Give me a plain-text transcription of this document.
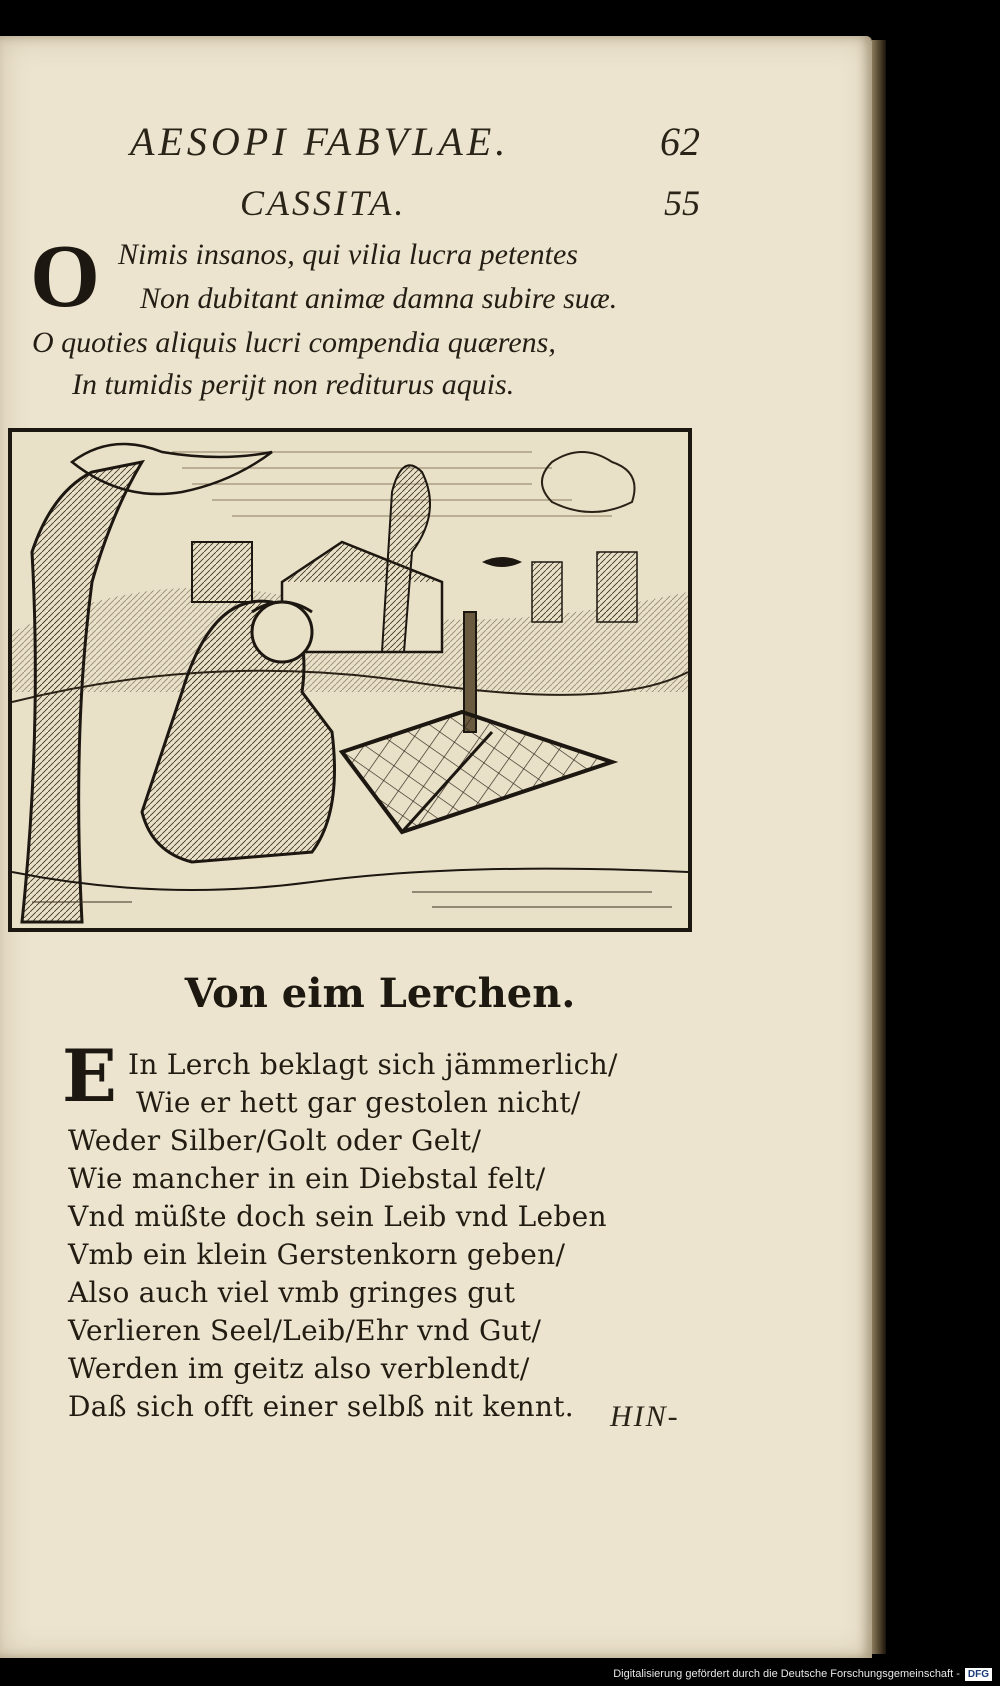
AESOPI FABVLAE.	62
CASSITA.	55
O Nimis insanos, qui vilia lucra petentes
Non dubitant animæ damna subire suæ.
O quoties aliquis lucri compendia quærens,
In tumidis perijt non rediturus aquis.
Von eim Lerchen.
E In Lerch beklagt sich jämmerlich/
Wie er hett gar gestolen nicht/
Weder Silber/Golt oder Gelt/
Wie mancher in ein Diebstal felt/
Vnd müßte doch sein Leib vnd Leben
Vmb ein klein Gerstenkorn geben/
Also auch viel vmb gringes gut
Verlieren Seel/Leib/Ehr vnd Gut/
Werden im geitz also verblendt/
Daß sich offt einer selbß nit kennt. HIN-
Digitalisierung gefördert durch die Deutsche Forschungsgemeinschaft - DFG
